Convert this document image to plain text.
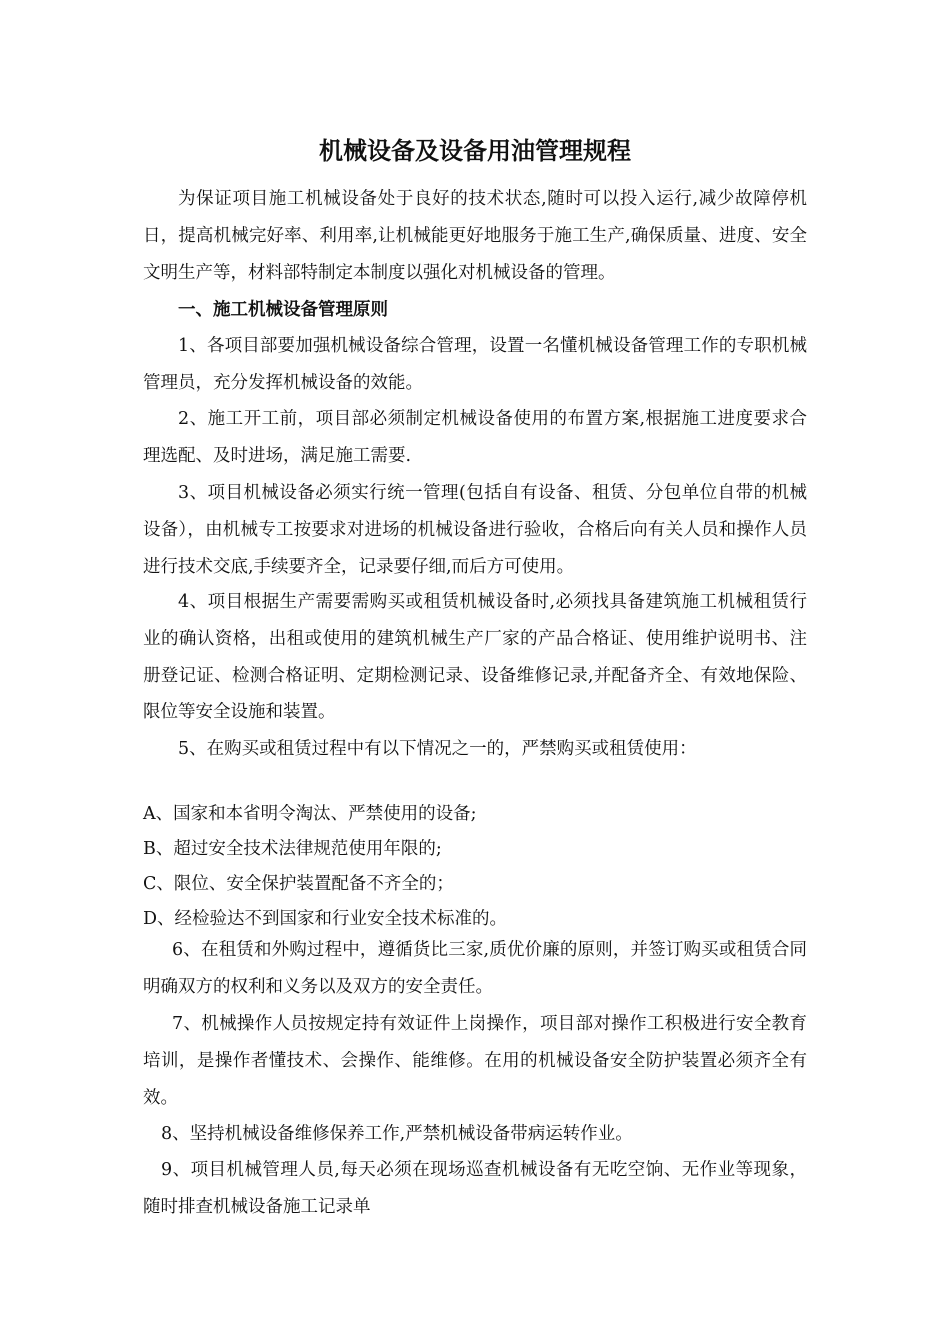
机械设备及设备用油管理规程

为保证项目施工机械设备处于良好的技术状态,随时可以投入运行,减少故障停机日，提高机械完好率、利用率,让机械能更好地服务于施工生产,确保质量、进度、安全文明生产等，材料部特制定本制度以强化对机械设备的管理。

一、施工机械设备管理原则

1、各项目部要加强机械设备综合管理，设置一名懂机械设备管理工作的专职机械管理员，充分发挥机械设备的效能。

2、施工开工前，项目部必须制定机械设备使用的布置方案,根据施工进度要求合理选配、及时进场，满足施工需要.

3、项目机械设备必须实行统一管理(包括自有设备、租赁、分包单位自带的机械设备），由机械专工按要求对进场的机械设备进行验收，合格后向有关人员和操作人员进行技术交底,手续要齐全，记录要仔细,而后方可使用。

4、项目根据生产需要需购买或租赁机械设备时,必须找具备建筑施工机械租赁行业的确认资格，出租或使用的建筑机械生产厂家的产品合格证、使用维护说明书、注册登记证、检测合格证明、定期检测记录、设备维修记录,并配备齐全、有效地保险、限位等安全设施和装置。

5、在购买或租赁过程中有以下情况之一的，严禁购买或租赁使用：

A、国家和本省明令淘汰、严禁使用的设备;
B、超过安全技术法律规范使用年限的;
C、限位、安全保护装置配备不齐全的；
D、经检验达不到国家和行业安全技术标准的。

6、在租赁和外购过程中，遵循货比三家,质优价廉的原则，并签订购买或租赁合同明确双方的权利和义务以及双方的安全责任。

7、机械操作人员按规定持有效证件上岗操作，项目部对操作工积极进行安全教育培训，是操作者懂技术、会操作、能维修。在用的机械设备安全防护装置必须齐全有效。

8、坚持机械设备维修保养工作,严禁机械设备带病运转作业。

9、项目机械管理人员,每天必须在现场巡查机械设备有无吃空饷、无作业等现象，随时排查机械设备施工记录单
